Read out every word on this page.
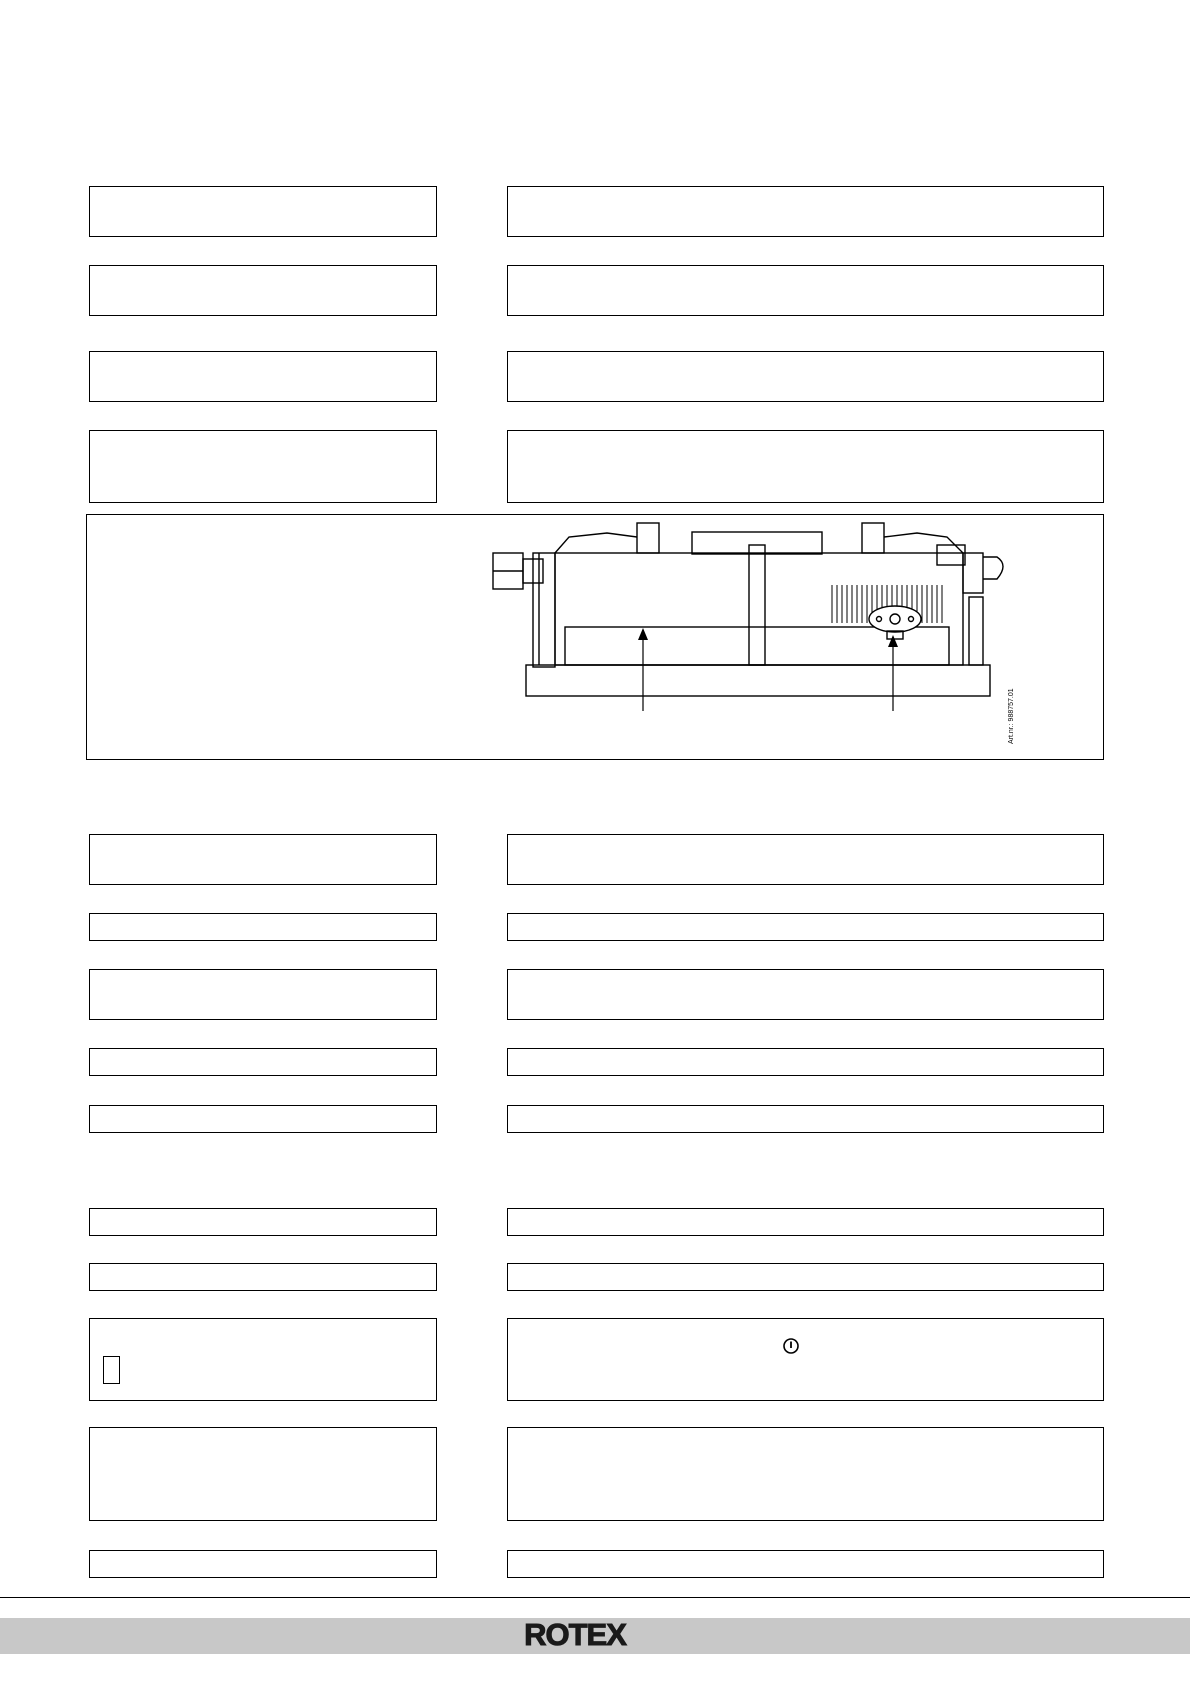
Art.nr.: 988757.01
ROTEX
